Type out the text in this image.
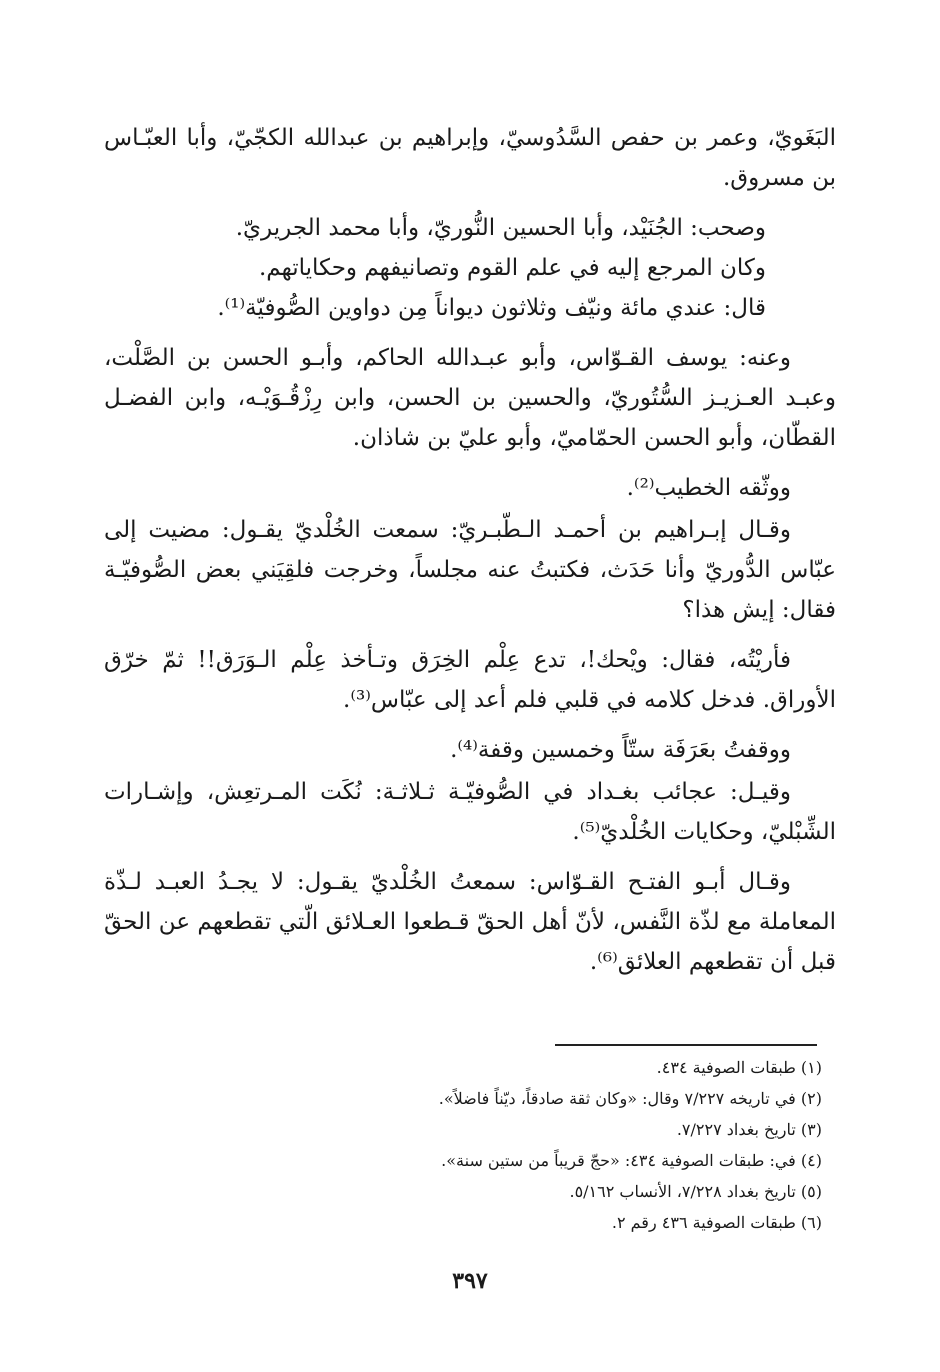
البَغَويّ، وعمر بن حفص السَّدُوسيّ، وإبراهيم بن عبدالله الكجّيّ، وأبا العبّـاس بن مسروق.

وصحب: الجُنَيْد، وأبا الحسين النُّوريّ، وأبا محمد الجريريّ.

وكان المرجع إليه في علم القوم وتصانيفهم وحكاياتهم.

قال: عندي مائة ونيّف وثلاثون ديواناً مِن دواوين الصُّوفيّة⁽¹⁾.

وعنه: يوسف القـوّاس، وأبو عبـدالله الحاكم، وأبـو الحسن بن الصَّلْت، وعبـد العـزيـز السُّتُوريّ، والحسين بن الحسن، وابن رِزْقُـوَيْـه، وابن الفضـل القطّان، وأبو الحسن الحمّاميّ، وأبو عليّ بن شاذان.

ووثّقه الخطيب⁽²⁾.

وقـال إبـراهيم بن أحمـد الـطّبـريّ: سمعت الخُلْديّ يقـول: مضيت إلى عبّاس الدُّوريّ وأنا حَدَث، فكتبتُ عنه مجلساً، وخرجت فلقِيَني بعض الصُّوفيّـة فقال: إيش هذا؟

فأريْتُه، فقال: ويْحك!، تدع عِلْم الخِرَق وتـأخذ عِلْم الـوَرَق!! ثمّ خرّق الأوراق. فدخل كلامه في قلبي فلم أعد إلى عبّاس⁽³⁾.

ووقفتُ بعَرَفَة ستّاً وخمسين وقفة⁽⁴⁾.

وقيـل: عجائب بغـداد في الصُّوفيّـة ثـلاثـة: نُكَت المـرتعِش، وإشـارات الشِّبْليّ، وحكايات الخُلْديّ⁽⁵⁾.

وقـال أبـو الفتـح القـوّاس: سمعتُ الخُلْديّ يقـول: لا يجـدُ العبـد لـذّة المعاملة مع لذّة النَّفس، لأنّ أهل الحقّ قـطعوا العـلائق الّتي تقطعهم عن الحقّ قبل أن تقطعهم العلائق⁽⁶⁾.

(١) طبقات الصوفية ٤٣٤.

(٢) في تاريخه ٧/٢٢٧ وقال: «وكان ثقة صادقاً، ديّناً فاضلاً».

(٣) تاريخ بغداد ٧/٢٢٧.

(٤) في: طبقات الصوفية ٤٣٤: «حجّ قريباً من ستين سنة».

(٥) تاريخ بغداد ٧/٢٢٨، الأنساب ٥/١٦٢.

(٦) طبقات الصوفية ٤٣٦ رقم ٢.

٣٩٧
